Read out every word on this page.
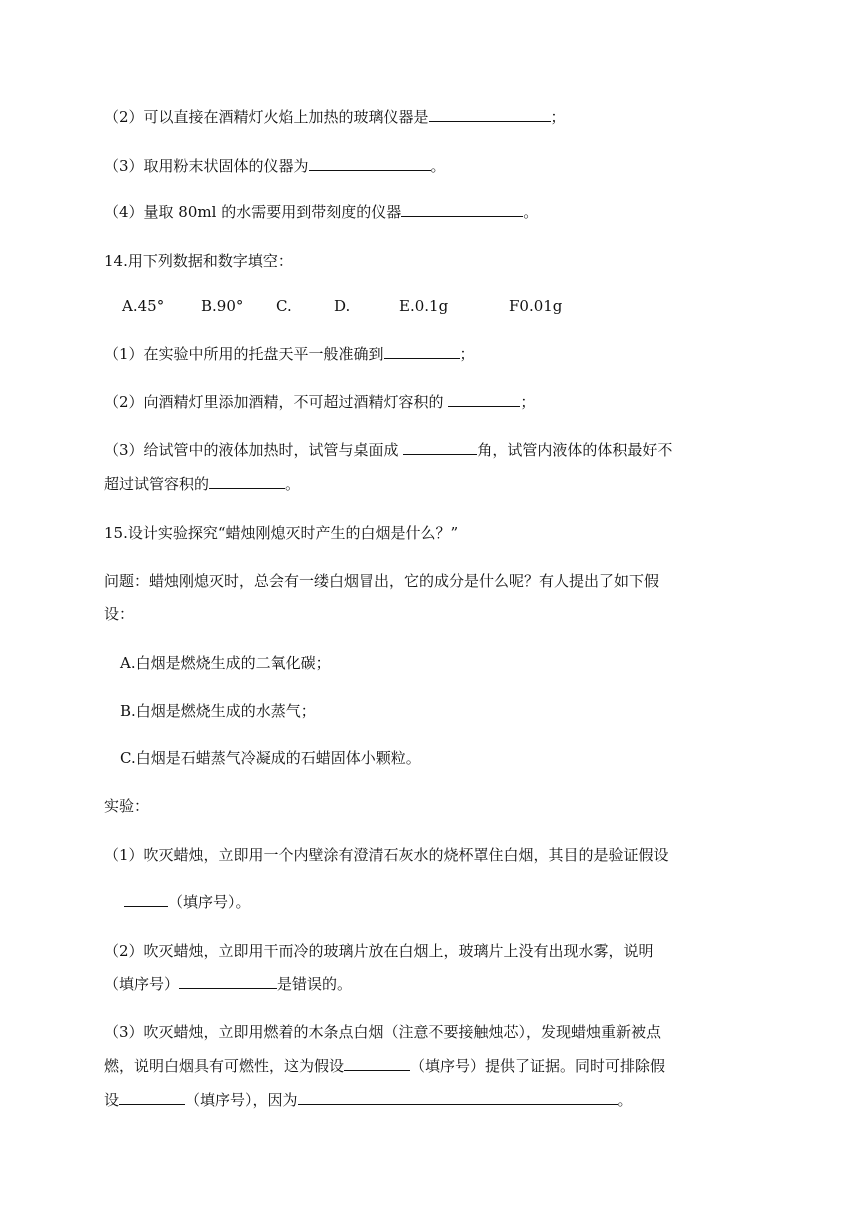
（2）可以直接在酒精灯火焰上加热的玻璃仪器是	；
（3）取用粉末状固体的仪器为	。
（4）量取 80ml 的水需要用到带刻度的仪器	。
14.用下列数据和数字填空：
A.45° B.90° C.	D.	E.0.1g	F0.01g
（1）在实验中所用的托盘天平一般准确到	；
（2）向酒精灯里添加酒精，不可超过酒精灯容积的	；
（3）给试管中的液体加热时，试管与桌面成	角，试管内液体的体积最好不
超过试管容积的	。
15.设计实验探究“蜡烛刚熄灭时产生的白烟是什么？”
问题：蜡烛刚熄灭时，总会有一缕白烟冒出，它的成分是什么呢？有人提出了如下假
设：
A.白烟是燃烧生成的二氧化碳；
B.白烟是燃烧生成的水蒸气；
C.白烟是石蜡蒸气冷凝成的石蜡固体小颗粒。
实验：
（1）吹灭蜡烛，立即用一个内壁涂有澄清石灰水的烧杯罩住白烟，其目的是验证假设
（填序号）。
（2）吹灭蜡烛，立即用干而冷的玻璃片放在白烟上，玻璃片上没有出现水雾，说明
（填序号）	是错误的。
（3）吹灭蜡烛，立即用燃着的木条点白烟（注意不要接触烛芯），发现蜡烛重新被点
燃，说明白烟具有可燃性，这为假设	（填序号）提供了证据。同时可排除假
设	（填序号），因为	。
